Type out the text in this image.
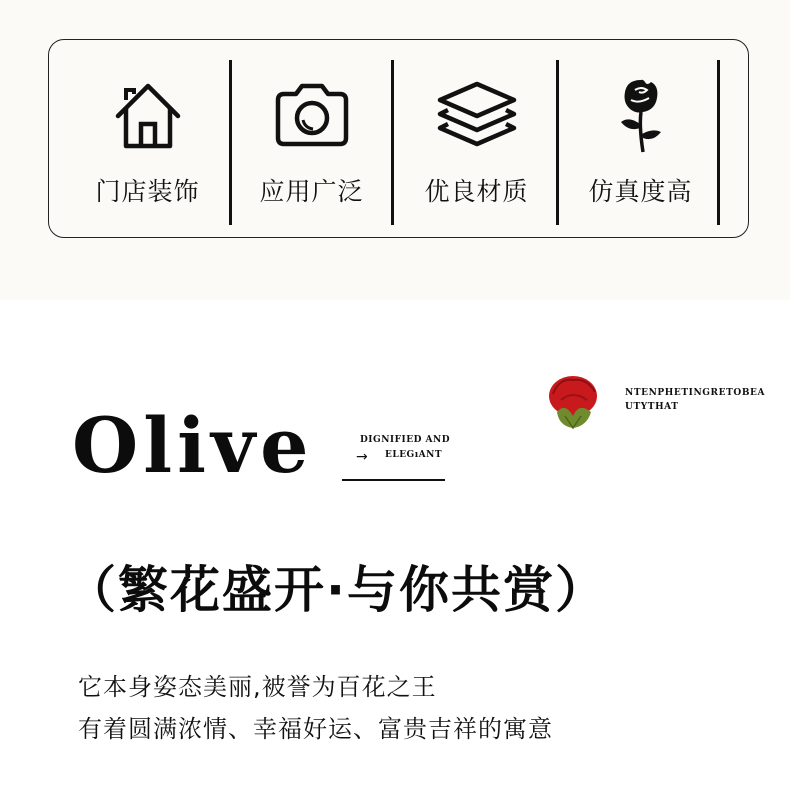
门店装饰	应用广泛	优良材质	仿真度高
Olive	DIGNIFIED AND
→ ELEGıANT
NTENPHETINGRETOBEA
UTYTHAT
（繁花盛开·与你共赏）
它本身姿态美丽,被誉为百花之王
有着圆满浓情、幸福好运、富贵吉祥的寓意
